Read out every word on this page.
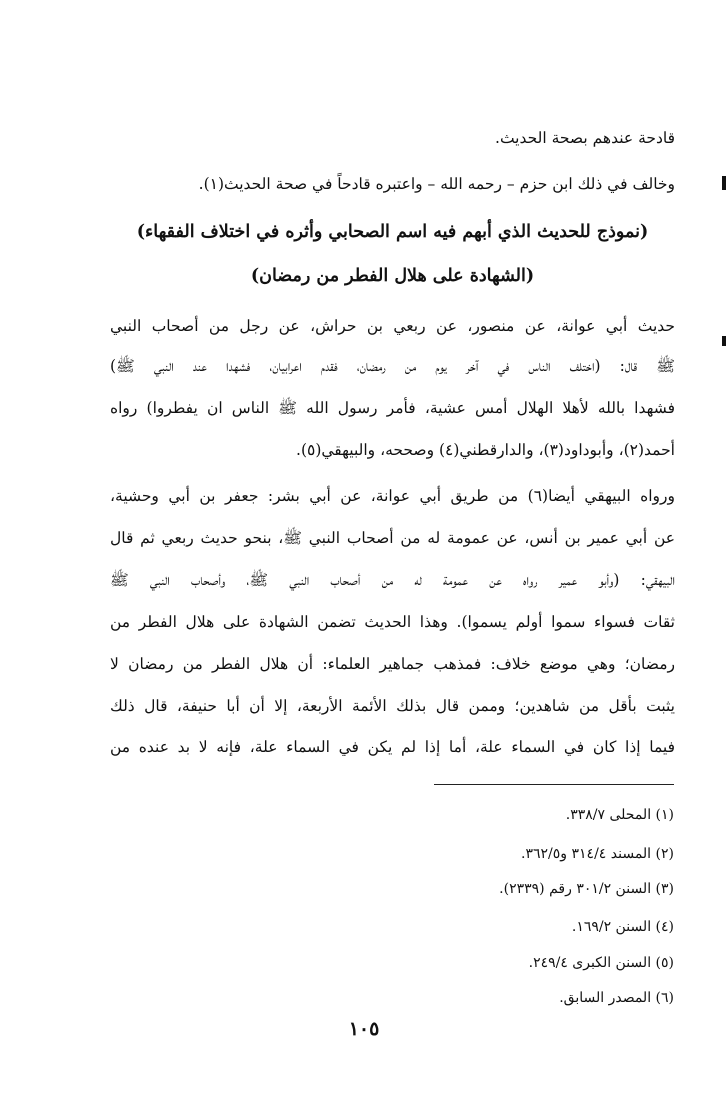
قادحة عندهم بصحة الحديث.
وخالف في ذلك ابن حزم – رحمه الله – واعتبره قادحاً في صحة الحديث(١).
(نموذج للحديث الذي أبهم فيه اسم الصحابي وأثره في اختلاف الفقهاء)
(الشهادة على هلال الفطر من رمضان)
حديث أبي عوانة، عن منصور، عن ربعي بن حراش، عن رجل من أصحاب النبي
ﷺ قال: (اختلف الناس في آخر يوم من رمضان، فقدم اعرابيان، فشهدا عند النبي ﷺ)
فشهدا بالله لأهلا الهلال أمس عشية، فأمر رسول الله ﷺ الناس ان يفطروا) رواه
أحمد(٢)، وأبوداود(٣)، والدارقطني(٤) وصححه، والبيهقي(٥).
ورواه البيهقي أيضا(٦) من طريق أبي عوانة، عن أبي بشر: جعفر بن أبي وحشية،
عن أبي عمير بن أنس، عن عمومة له من أصحاب النبي ﷺ، بنحو حديث ربعي ثم قال
البيهقي: (وأبو عمير رواه عن عمومة له من أصحاب النبي ﷺ، وأصحاب النبي ﷺ
ثقات فسواء سموا أولم يسموا). وهذا الحديث تضمن الشهادة على هلال الفطر من
رمضان؛ وهي موضع خلاف: فمذهب جماهير العلماء: أن هلال الفطر من رمضان لا
يثبت بأقل من شاهدين؛ وممن قال بذلك الأئمة الأربعة، إلا أن أبا حنيفة، قال ذلك
فيما إذا كان في السماء علة، أما إذا لم يكن في السماء علة، فإنه لا بد عنده من
(١) المحلى ٣٣٨/٧.
(٢) المسند ٣١٤/٤ و٣٦٢/٥.
(٣) السنن ٣٠١/٢ رقم (٢٣٣٩).
(٤) السنن ١٦٩/٢.
(٥) السنن الكبرى ٢٤٩/٤.
(٦) المصدر السابق.
١٠٥
